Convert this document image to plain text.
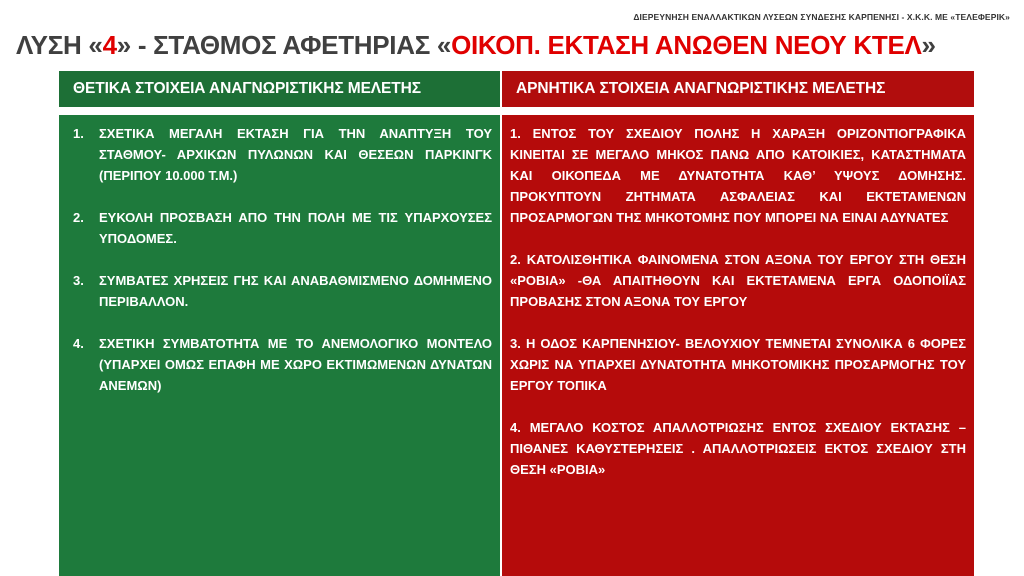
ΔΙΕΡΕΥΝΗΣΗ ΕΝΑΛΛΑΚΤΙΚΩΝ ΛΥΣΕΩΝ ΣΥΝΔΕΣΗΣ ΚΑΡΠΕΝΗΣΙ - Χ.Κ.Κ. ΜΕ «ΤΕΛΕΦΕΡΙΚ»
ΛΥΣΗ «4» - ΣΤΑΘΜΟΣ ΑΦΕΤΗΡΙΑΣ «ΟΙΚΟΠ. ΕΚΤΑΣΗ ΑΝΩΘΕΝ ΝΕΟΥ ΚΤΕΛ»
ΘΕΤΙΚΑ ΣΤΟΙΧΕΙΑ ΑΝΑΓΝΩΡΙΣΤΙΚΗΣ ΜΕΛΕΤΗΣ
1.	ΣΧΕΤΙΚΑ ΜΕΓΑΛΗ ΕΚΤΑΣΗ ΓΙΑ ΤΗΝ ΑΝΑΠΤΥΞΗ ΤΟΥ ΣΤΑΘΜΟΥ- ΑΡΧΙΚΩΝ ΠΥΛΩΝΩΝ ΚΑΙ ΘΕΣΕΩΝ ΠΑΡΚΙΝΓΚ (ΠΕΡΙΠΟΥ 10.000 Τ.Μ.)
2.	ΕΥΚΟΛΗ ΠΡΟΣΒΑΣΗ ΑΠΟ ΤΗΝ ΠΟΛΗ ΜΕ ΤΙΣ ΥΠΑΡΧΟΥΣΕΣ ΥΠΟΔΟΜΕΣ.
3.	ΣΥΜΒΑΤΕΣ ΧΡΗΣΕΙΣ ΓΗΣ ΚΑΙ ΑΝΑΒΑΘΜΙΣΜΕΝΟ ΔΟΜΗΜΕΝΟ ΠΕΡΙΒΑΛΛΟΝ.
4.	ΣΧΕΤΙΚΗ ΣΥΜΒΑΤΟΤΗΤΑ ΜΕ ΤΟ ΑΝΕΜΟΛΟΓΙΚΟ ΜΟΝΤΕΛΟ (ΥΠΑΡΧΕΙ ΟΜΩΣ ΕΠΑΦΗ ΜΕ ΧΩΡΟ ΕΚΤΙΜΩΜΕΝΩΝ ΔΥΝΑΤΩΝ ΑΝΕΜΩΝ)
ΑΡΝΗΤΙΚΑ ΣΤΟΙΧΕΙΑ ΑΝΑΓΝΩΡΙΣΤΙΚΗΣ ΜΕΛΕΤΗΣ
1. ΕΝΤΟΣ ΤΟΥ ΣΧΕΔΙΟΥ ΠΟΛΗΣ Η ΧΑΡΑΞΗ ΟΡΙΖΟΝΤΙΟΓΡΑΦΙΚΑ ΚΙΝΕΙΤΑΙ ΣΕ ΜΕΓΑΛΟ ΜΗΚΟΣ ΠΑΝΩ ΑΠΟ ΚΑΤΟΙΚΙΕΣ, ΚΑΤΑΣΤΗΜΑΤΑ ΚΑΙ ΟΙΚΟΠΕΔΑ ΜΕ ΔΥΝΑΤΟΤΗΤΑ ΚΑΘ’ ΥΨΟΥΣ ΔΟΜΗΣΗΣ. ΠΡΟΚΥΠΤΟΥΝ ΖΗΤΗΜΑΤΑ ΑΣΦΑΛΕΙΑΣ ΚΑΙ ΕΚΤΕΤΑΜΕΝΩΝ ΠΡΟΣΑΡΜΟΓΩΝ ΤΗΣ ΜΗΚΟΤΟΜΗΣ ΠΟΥ ΜΠΟΡΕΙ ΝΑ ΕΙΝΑΙ ΑΔΥΝΑΤΕΣ
2. ΚΑΤΟΛΙΣΘΗΤΙΚΑ ΦΑΙΝΟΜΕΝΑ ΣΤΟΝ ΑΞΟΝΑ ΤΟΥ ΕΡΓΟΥ ΣΤΗ ΘΕΣΗ «ΡΟΒΙΑ» -ΘΑ ΑΠΑΙΤΗΘΟΥΝ ΚΑΙ ΕΚΤΕΤΑΜΕΝΑ ΕΡΓΑ ΟΔΟΠΟΙΪΑΣ ΠΡΟΒΑΣΗΣ ΣΤΟΝ ΑΞΟΝΑ ΤΟΥ ΕΡΓΟΥ
3. Η ΟΔΟΣ ΚΑΡΠΕΝΗΣΙΟΥ- ΒΕΛΟΥΧΙΟΥ ΤΕΜΝΕΤΑΙ ΣΥΝΟΛΙΚΑ 6 ΦΟΡΕΣ ΧΩΡΙΣ ΝΑ ΥΠΑΡΧΕΙ ΔΥΝΑΤΟΤΗΤΑ ΜΗΚΟΤΟΜΙΚΗΣ ΠΡΟΣΑΡΜΟΓΗΣ ΤΟΥ ΕΡΓΟΥ ΤΟΠΙΚΑ
4. ΜΕΓΑΛΟ ΚΟΣΤΟΣ ΑΠΑΛΛΟΤΡΙΩΣΗΣ ΕΝΤΟΣ ΣΧΕΔΙΟΥ ΕΚΤΑΣΗΣ – ΠΙΘΑΝΕΣ ΚΑΘΥΣΤΕΡΗΣΕΙΣ . ΑΠΑΛΛΟΤΡΙΩΣΕΙΣ ΕΚΤΟΣ ΣΧΕΔΙΟΥ ΣΤΗ ΘΕΣΗ «ΡΟΒΙΑ»
